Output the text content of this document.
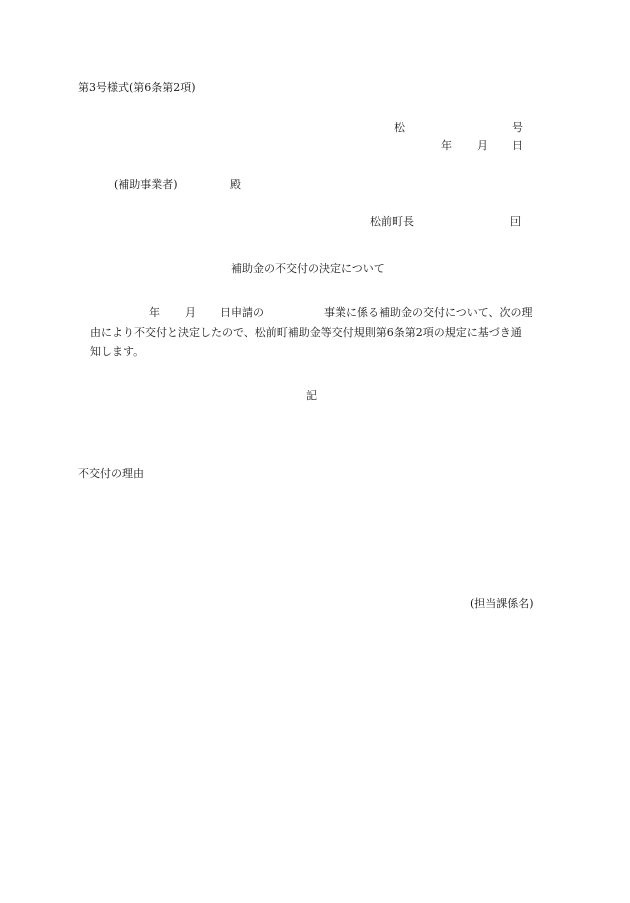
第3号様式(第6条第2項)
松	号
年 月 日
(補助事業者)	殿
松前町長	囙
補助金の不交付の決定について
年 月 日申請の	事業に係る補助金の交付について、次の理
由により不交付と決定したので、松前町補助金等交付規則第6条第2項の規定に基づき通
知します。
記
不交付の理由
(担当課係名)
